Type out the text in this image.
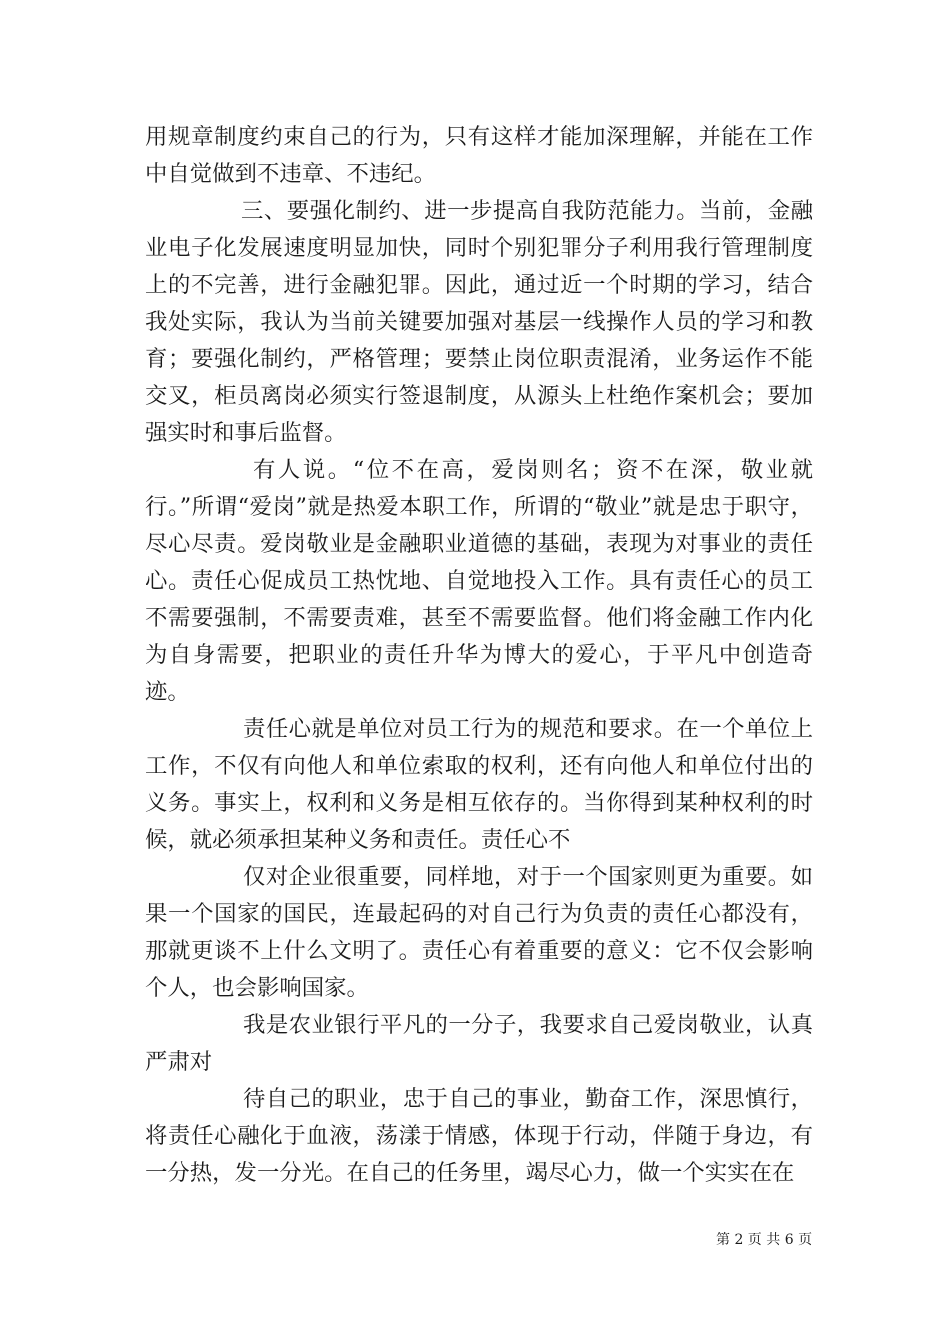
用规章制度约束自己的行为，只有这样才能加深理解，并能在工作中自觉做到不违章、不违纪。

三、要强化制约、进一步提高自我防范能力。当前，金融业电子化发展速度明显加快，同时个别犯罪分子利用我行管理制度上的不完善，进行金融犯罪。因此，通过近一个时期的学习，结合我处实际，我认为当前关键要加强对基层一线操作人员的学习和教育；要强化制约，严格管理；要禁止岗位职责混淆，业务运作不能交叉，柜员离岗必须实行签退制度，从源头上杜绝作案机会；要加强实时和事后监督。

有人说。“位不在高，爱岗则名；资不在深，敬业就行。”所谓“爱岗”就是热爱本职工作，所谓的“敬业”就是忠于职守，尽心尽责。爱岗敬业是金融职业道德的基础，表现为对事业的责任心。责任心促成员工热忱地、自觉地投入工作。具有责任心的员工不需要强制，不需要责难，甚至不需要监督。他们将金融工作内化为自身需要，把职业的责任升华为博大的爱心，于平凡中创造奇迹。

责任心就是单位对员工行为的规范和要求。在一个单位上工作，不仅有向他人和单位索取的权利，还有向他人和单位付出的义务。事实上，权利和义务是相互依存的。当你得到某种权利的时候，就必须承担某种义务和责任。责任心不

仅对企业很重要，同样地，对于一个国家则更为重要。如果一个国家的国民，连最起码的对自己行为负责的责任心都没有，那就更谈不上什么文明了。责任心有着重要的意义：它不仅会影响个人，也会影响国家。

我是农业银行平凡的一分子，我要求自己爱岗敬业，认真严肃对

待自己的职业，忠于自己的事业，勤奋工作，深思慎行，将责任心融化于血液，荡漾于情感，体现于行动，伴随于身边，有一分热，发一分光。在自己的任务里，竭尽心力，做一个实实在在

第 2 页 共 6 页
